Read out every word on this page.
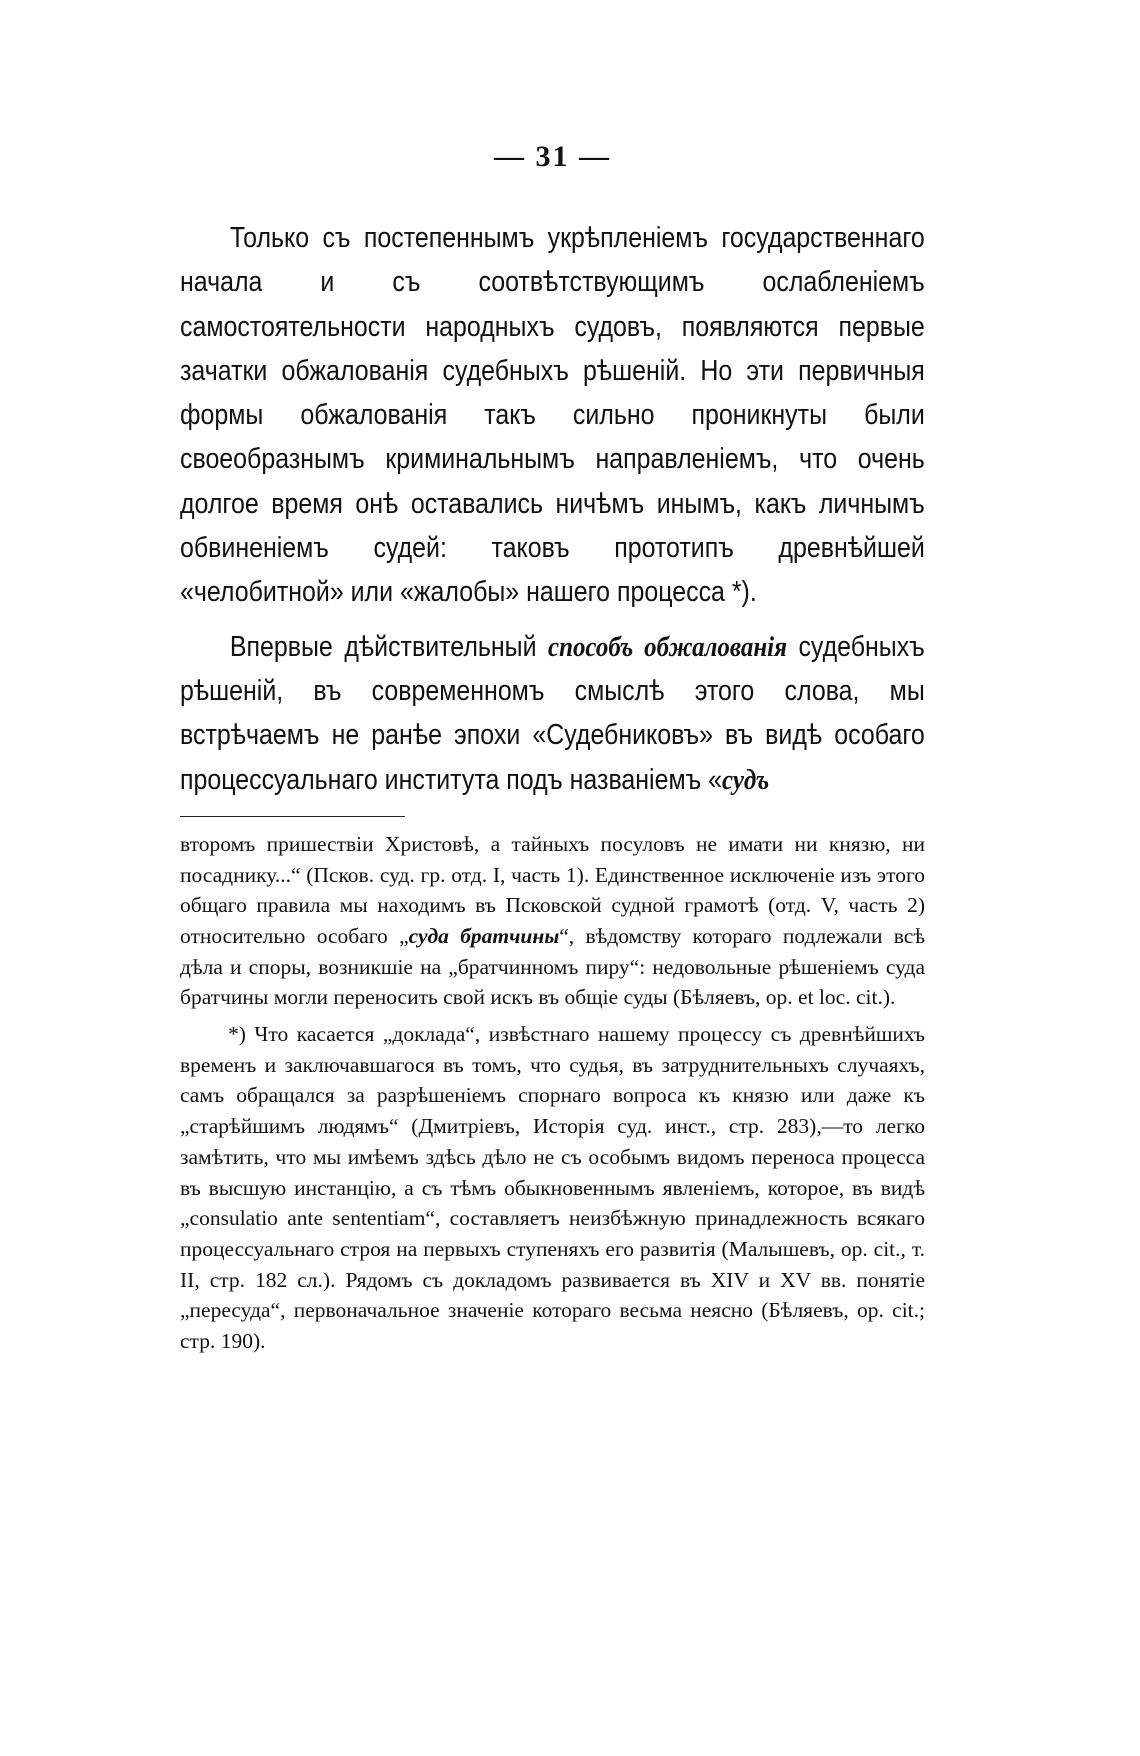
— 31 —

Только съ постепеннымъ укрѣпленіемъ государственнаго начала и съ соотвѣтствующимъ ослабленіемъ самостоятельности народныхъ судовъ, появляются первые зачатки обжалованія судебныхъ рѣшеній. Но эти первичныя формы обжалованія такъ сильно проникнуты были своеобразнымъ криминальнымъ направленіемъ, что очень долгое время онѣ оставались ничѣмъ инымъ, какъ личнымъ обвиненіемъ судей: таковъ прототипъ древнѣйшей «челобитной» или «жалобы» нашего процесса *).

Впервые дѣйствительный способъ обжалованія судебныхъ рѣшеній, въ современномъ смыслѣ этого слова, мы встрѣчаемъ не ранѣе эпохи «Судебниковъ» въ видѣ особаго процессуальнаго института подъ названіемъ «судъ

второмъ пришествіи Христовѣ, а тайныхъ посуловъ не имати ни князю, ни посаднику...“ (Псков. суд. гр. отд. I, часть 1). Единственное исключеніе изъ этого общаго правила мы находимъ въ Псковской судной грамотѣ (отд. V, часть 2) относительно особаго „суда братчины“, вѣдомству котораго подлежали всѣ дѣла и споры, возникшіе на „братчинномъ пиру“: недовольные рѣшеніемъ суда братчины могли переносить свой искъ въ общіе суды (Бѣляевъ, op. et loc. cit.).

*) Что касается „доклада“, извѣстнаго нашему процессу съ древнѣйшихъ временъ и заключавшагося въ томъ, что судья, въ затруднительныхъ случаяхъ, самъ обращался за разрѣшеніемъ спорнаго вопроса къ князю или даже къ „старѣйшимъ людямъ“ (Дмитріевъ, Исторія суд. инст., стр. 283),—то легко замѣтить, что мы имѣемъ здѣсь дѣло не съ особымъ видомъ переноса процесса въ высшую инстанцію, а съ тѣмъ обыкновеннымъ явленіемъ, которое, въ видѣ „consulatio ante sententiam“, составляетъ неизбѣжную принадлежность всякаго процессуальнаго строя на первыхъ ступеняхъ его развитія (Малышевъ, op. cit., т. II, стр. 182 сл.). Рядомъ съ докладомъ развивается въ XIV и XV вв. понятіе „пересуда“, первоначальное значеніе котораго весьма неясно (Бѣляевъ, op. cit.; стр. 190).
